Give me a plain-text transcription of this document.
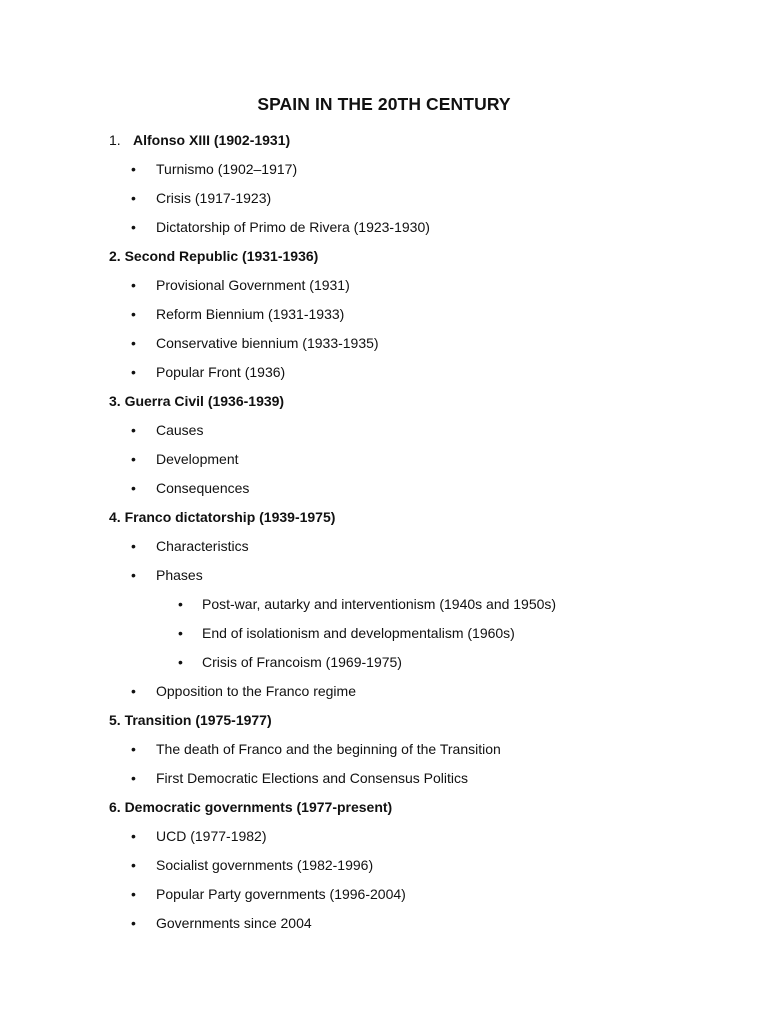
SPAIN IN THE 20TH CENTURY
1. Alfonso XIII (1902-1931)
• Turnismo (1902–1917)
• Crisis (1917-1923)
• Dictatorship of Primo de Rivera (1923-1930)
2. Second Republic (1931-1936)
• Provisional Government (1931)
• Reform Biennium (1931-1933)
• Conservative biennium (1933-1935)
• Popular Front (1936)
3. Guerra Civil (1936-1939)
• Causes
• Development
• Consequences
4. Franco dictatorship (1939-1975)
• Characteristics
• Phases
• Post-war, autarky and interventionism (1940s and 1950s)
• End of isolationism and developmentalism (1960s)
• Crisis of Francoism (1969-1975)
• Opposition to the Franco regime
5. Transition (1975-1977)
• The death of Franco and the beginning of the Transition
• First Democratic Elections and Consensus Politics
6. Democratic governments (1977-present)
• UCD (1977-1982)
• Socialist governments (1982-1996)
• Popular Party governments (1996-2004)
• Governments since 2004
